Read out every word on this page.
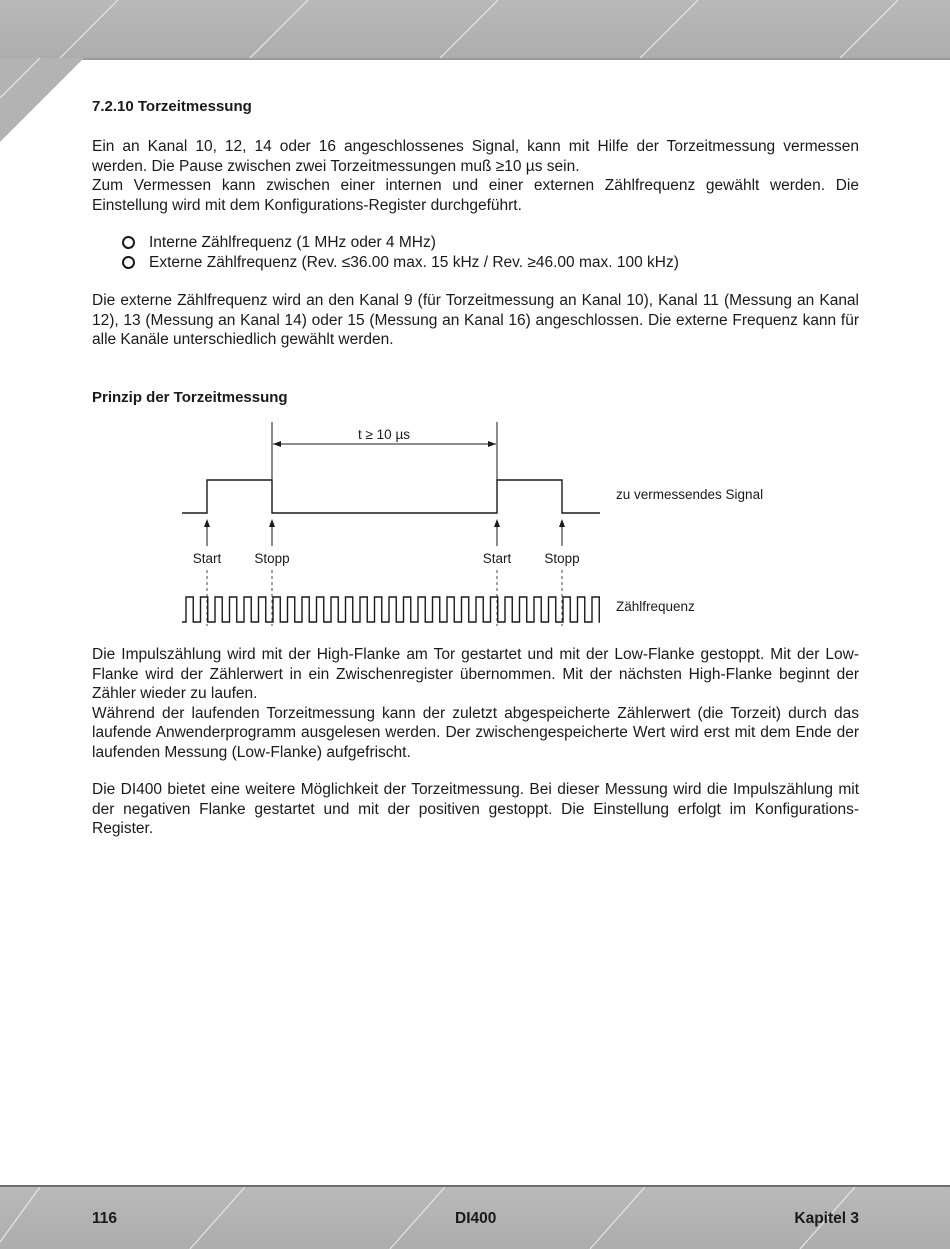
7.2.10 Torzeitmessung

Ein an Kanal 10, 12, 14 oder 16 angeschlossenes Signal, kann mit Hilfe der Torzeitmessung vermessen werden. Die Pause zwischen zwei Torzeitmessungen muß ≥10 µs sein.

Zum Vermessen kann zwischen einer internen und einer externen Zählfrequenz gewählt werden. Die Einstellung wird mit dem Konfigurations-Register durchgeführt.

Interne Zählfrequenz (1 MHz oder 4 MHz)
Externe Zählfrequenz (Rev. ≤36.00 max. 15 kHz / Rev. ≥46.00 max. 100 kHz)

Die externe Zählfrequenz wird an den Kanal 9 (für Torzeitmessung an Kanal 10), Kanal 11 (Messung an Kanal 12), 13 (Messung an Kanal 14) oder 15 (Messung an Kanal 16) angeschlossen. Die externe Frequenz kann für alle Kanäle unterschiedlich gewählt werden.

Prinzip der Torzeitmessung
t ≥ 10 µs
zu vermessendes Signal
Start Stopp	Start Stopp
Zählfrequenz

Die Impulszählung wird mit der High-Flanke am Tor gestartet und mit der Low-Flanke gestoppt. Mit der Low-Flanke wird der Zählerwert in ein Zwischenregister übernommen. Mit der nächsten High-Flanke beginnt der Zähler wieder zu laufen.

Während der laufenden Torzeitmessung kann der zuletzt abgespeicherte Zählerwert (die Torzeit) durch das laufende Anwenderprogramm ausgelesen werden. Der zwischengespeicherte Wert wird erst mit dem Ende der laufenden Messung (Low-Flanke) aufgefrischt.

Die DI400 bietet eine weitere Möglichkeit der Torzeitmessung. Bei dieser Messung wird die Impulszählung mit der negativen Flanke gestartet und mit der positiven gestoppt. Die Einstellung erfolgt im Konfigurations-Register.

116	DI400	Kapitel 3
